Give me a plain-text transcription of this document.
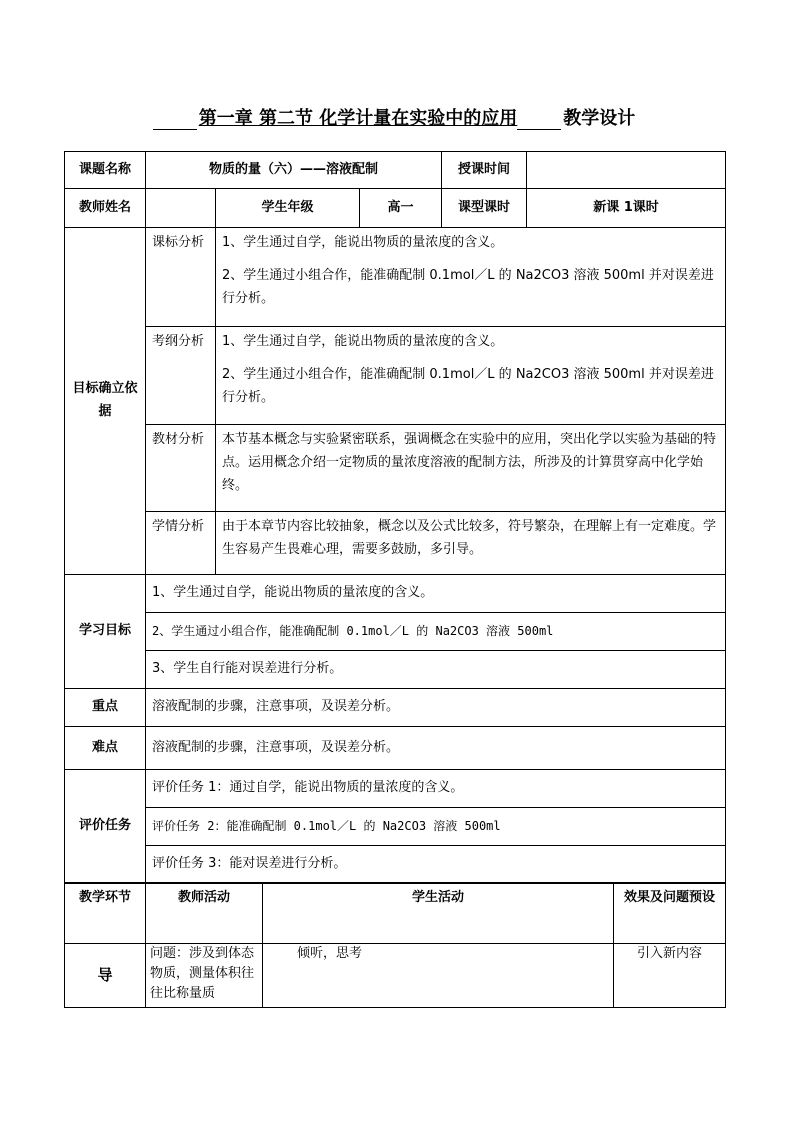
第一章 第二节 化学计量在实验中的应用	教学设计
课题名称	物质的量（六）——溶液配制			授课时间	
教师姓名		学生年级	高一	课型课时	新课 1课时
目标确立依据	课标分析	1、学生通过自学，能说出物质的量浓度的含义。

2、学生通过小组合作，能准确配制 0.1mol／L 的 Na2CO3 溶液 500ml 并对误差进行分析。			

	考纲分析	1、学生通过自学，能说出物质的量浓度的含义。

2、学生通过小组合作，能准确配制 0.1mol／L 的 Na2CO3 溶液 500ml 并对误差进行分析。			

	教材分析	本节基本概念与实验紧密联系，强调概念在实验中的应用，突出化学以实验为基础的特点。运用概念介绍一定物质的量浓度溶液的配制方法，所涉及的计算贯穿高中化学始终。			

	学情分析	由于本章节内容比较抽象，概念以及公式比较多，符号繁杂，在理解上有一定难度。学生容易产生畏难心理，需要多鼓励，多引导。			

学习目标	1、学生通过自学，能说出物质的量浓度的含义。				
	2、学生通过小组合作，能准确配制 0.1mol／L 的 Na2CO3 溶液 500ml				
	3、学生自行能对误差进行分析。				
重点	溶液配制的步骤，注意事项，及误差分析。				
难点	溶液配制的步骤，注意事项，及误差分析。				
评价任务	评价任务 1：通过自学，能说出物质的量浓度的含义。				
	评价任务 2：能准确配制 0.1mol／L 的 Na2CO3 溶液 500ml				
	评价任务 3：能对误差进行分析。				
教学环节	教师活动	学生活动	效果及问题预设
导	问题：涉及到体态物质，测量体积往往比称量质	倾听，思考	引入新内容
